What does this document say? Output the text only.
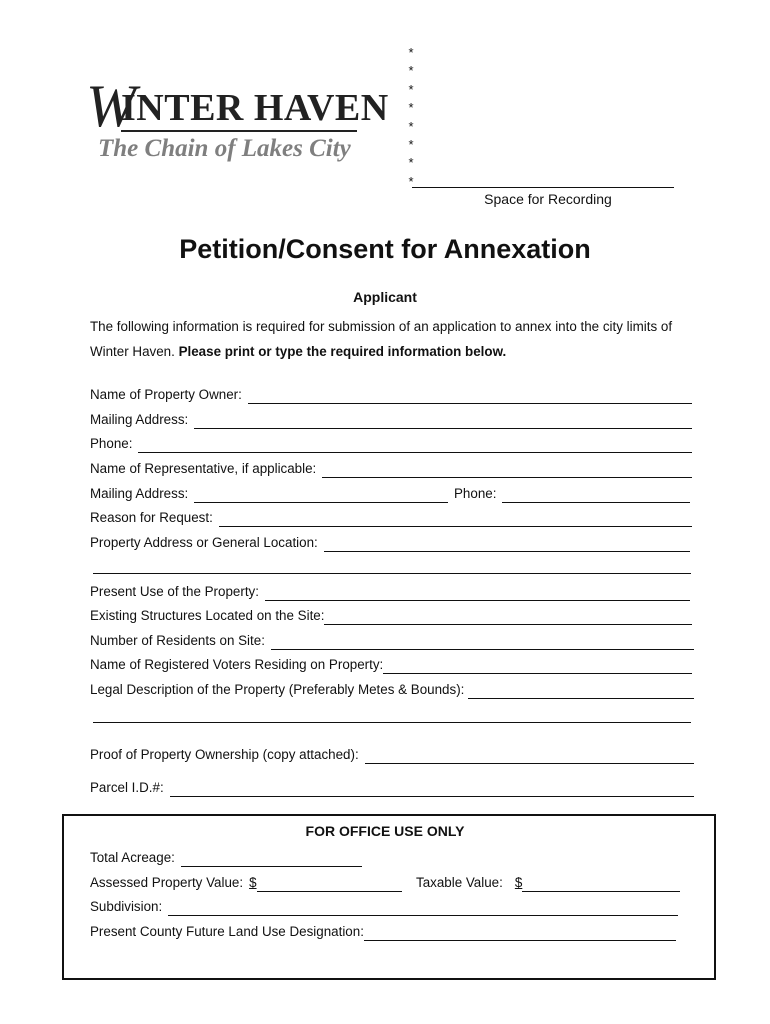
W
INTER HAVEN
The Chain of Lakes City
*
*
*
*
*
*
*
*
Space for Recording
Petition/Consent for Annexation
Applicant
The following information is required for submission of an application to annex into the city limits of Winter Haven. Please print or type the required information below.
Name of Property Owner:
Mailing Address:
Phone:
Name of Representative, if applicable:
Mailing Address:	Phone:
Reason for Request:
Property Address or General Location:
Present Use of the Property:
Existing Structures Located on the Site:
Number of Residents on Site:
Name of Registered Voters Residing on Property:
Legal Description of the Property (Preferably Metes & Bounds):
Proof of Property Ownership (copy attached):
Parcel I.D.#:
FOR OFFICE USE ONLY
Total Acreage:
Assessed Property Value: $	Taxable Value: $
Subdivision:
Present County Future Land Use Designation:
